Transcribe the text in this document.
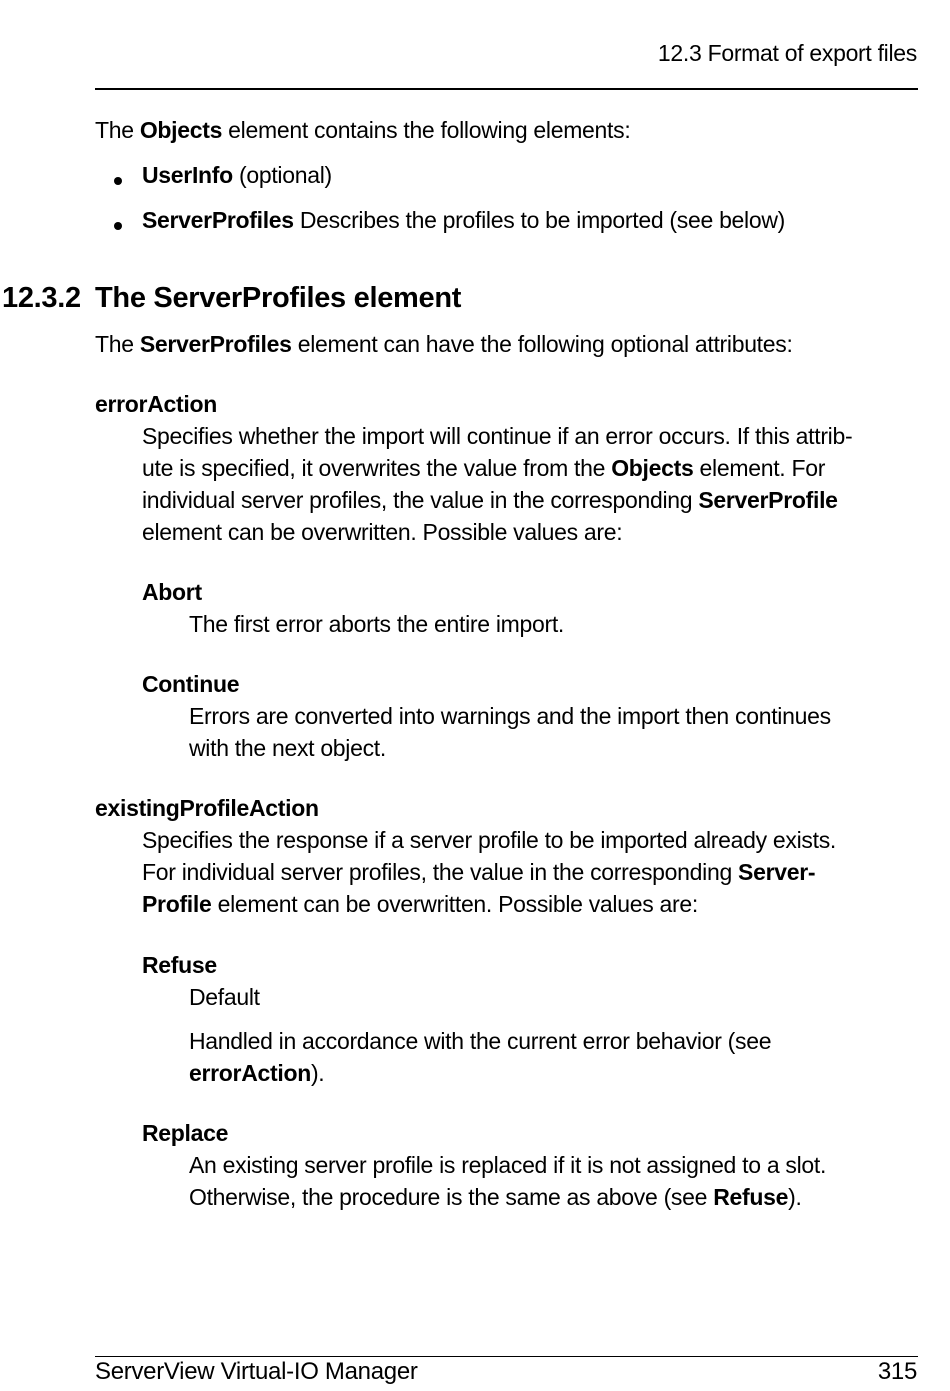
12.3 Format of export files
The Objects element contains the following elements:
UserInfo (optional)
ServerProfiles Describes the profiles to be imported (see below)
12.3.2 The ServerProfiles element
The ServerProfiles element can have the following optional attributes:
errorAction
Specifies whether the import will continue if an error occurs. If this attrib-
ute is specified, it overwrites the value from the Objects element. For
individual server profiles, the value in the corresponding ServerProfile
element can be overwritten. Possible values are:
Abort
The first error aborts the entire import.
Continue
Errors are converted into warnings and the import then continues
with the next object.
existingProfileAction
Specifies the response if a server profile to be imported already exists.
For individual server profiles, the value in the corresponding Server-
Profile element can be overwritten. Possible values are:
Refuse
Default
Handled in accordance with the current error behavior (see
errorAction).
Replace
An existing server profile is replaced if it is not assigned to a slot.
Otherwise, the procedure is the same as above (see Refuse).
ServerView Virtual-IO Manager	315
